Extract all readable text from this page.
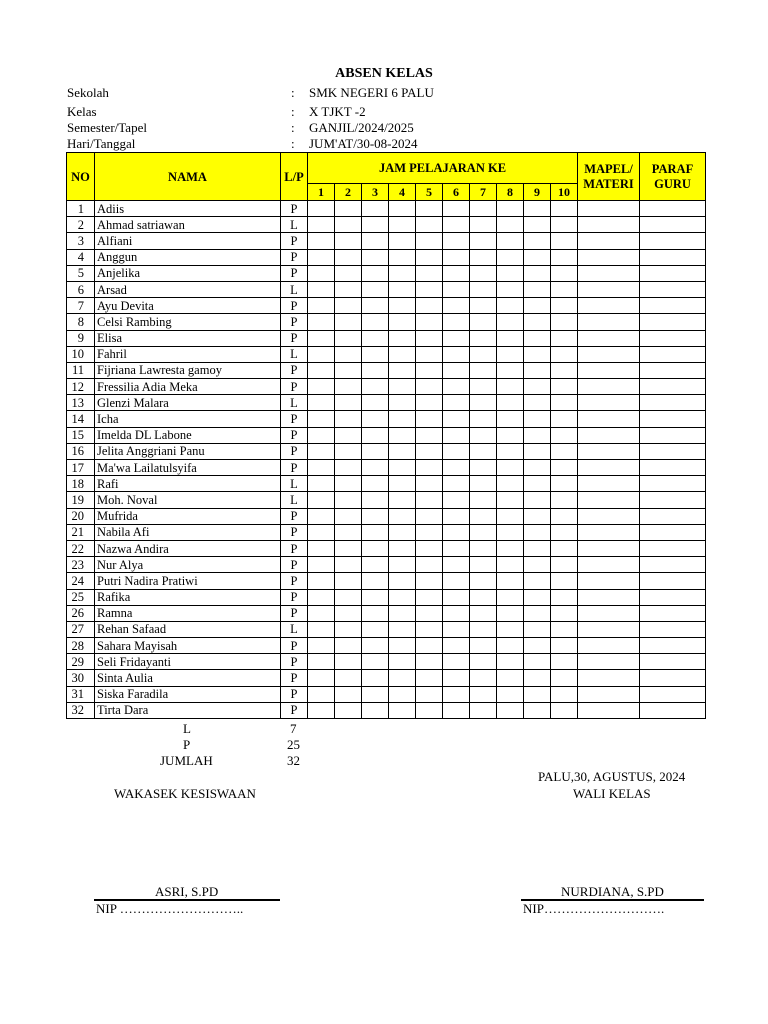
ABSEN KELAS
Sekolah	: SMK NEGERI 6 PALU
Kelas	: X TJKT -2
Semester/Tapel	: GANJIL/2024/2025
Hari/Tanggal	: JUM'AT/30-08-2024
NO	NAMA	L/P	JAM PELAJARAN KE										MAPEL/ MATERI	PARAF GURU
			1	2	3	4	5	6	7	8	9	10		
1	Adiis	P												
2	Ahmad satriawan	L												
3	Alfiani	P												
4	Anggun	P												
5	Anjelika	P												
6	Arsad	L												
7	Ayu Devita	P												
8	Celsi Rambing	P												
9	Elisa	P												
10	Fahril	L												
11	Fijriana Lawresta gamoy	P												
12	Fressilia Adia Meka	P												
13	Glenzi Malara	L												
14	Icha	P												
15	Imelda DL Labone	P												
16	Jelita Anggriani Panu	P												
17	Ma'wa Lailatulsyifa	P												
18	Rafi	L												
19	Moh. Noval	L												
20	Mufrida	P												
21	Nabila Afi	P												
22	Nazwa Andira	P												
23	Nur Alya	P												
24	Putri Nadira Pratiwi	P												
25	Rafika	P												
26	Ramna	P												
27	Rehan Safaad	L												
28	Sahara Mayisah	P												
29	Seli Fridayanti	P												
30	Sinta Aulia	P												
31	Siska Faradila	P												
32	Tirta Dara	P												
L	7
P	25
JUMLAH	32
PALU,30, AGUSTUS, 2024
WAKASEK KESISWAAN	WALI KELAS
ASRI, S.PD
NIP ………………………..
NURDIANA, S.PD
NIP……………………….
